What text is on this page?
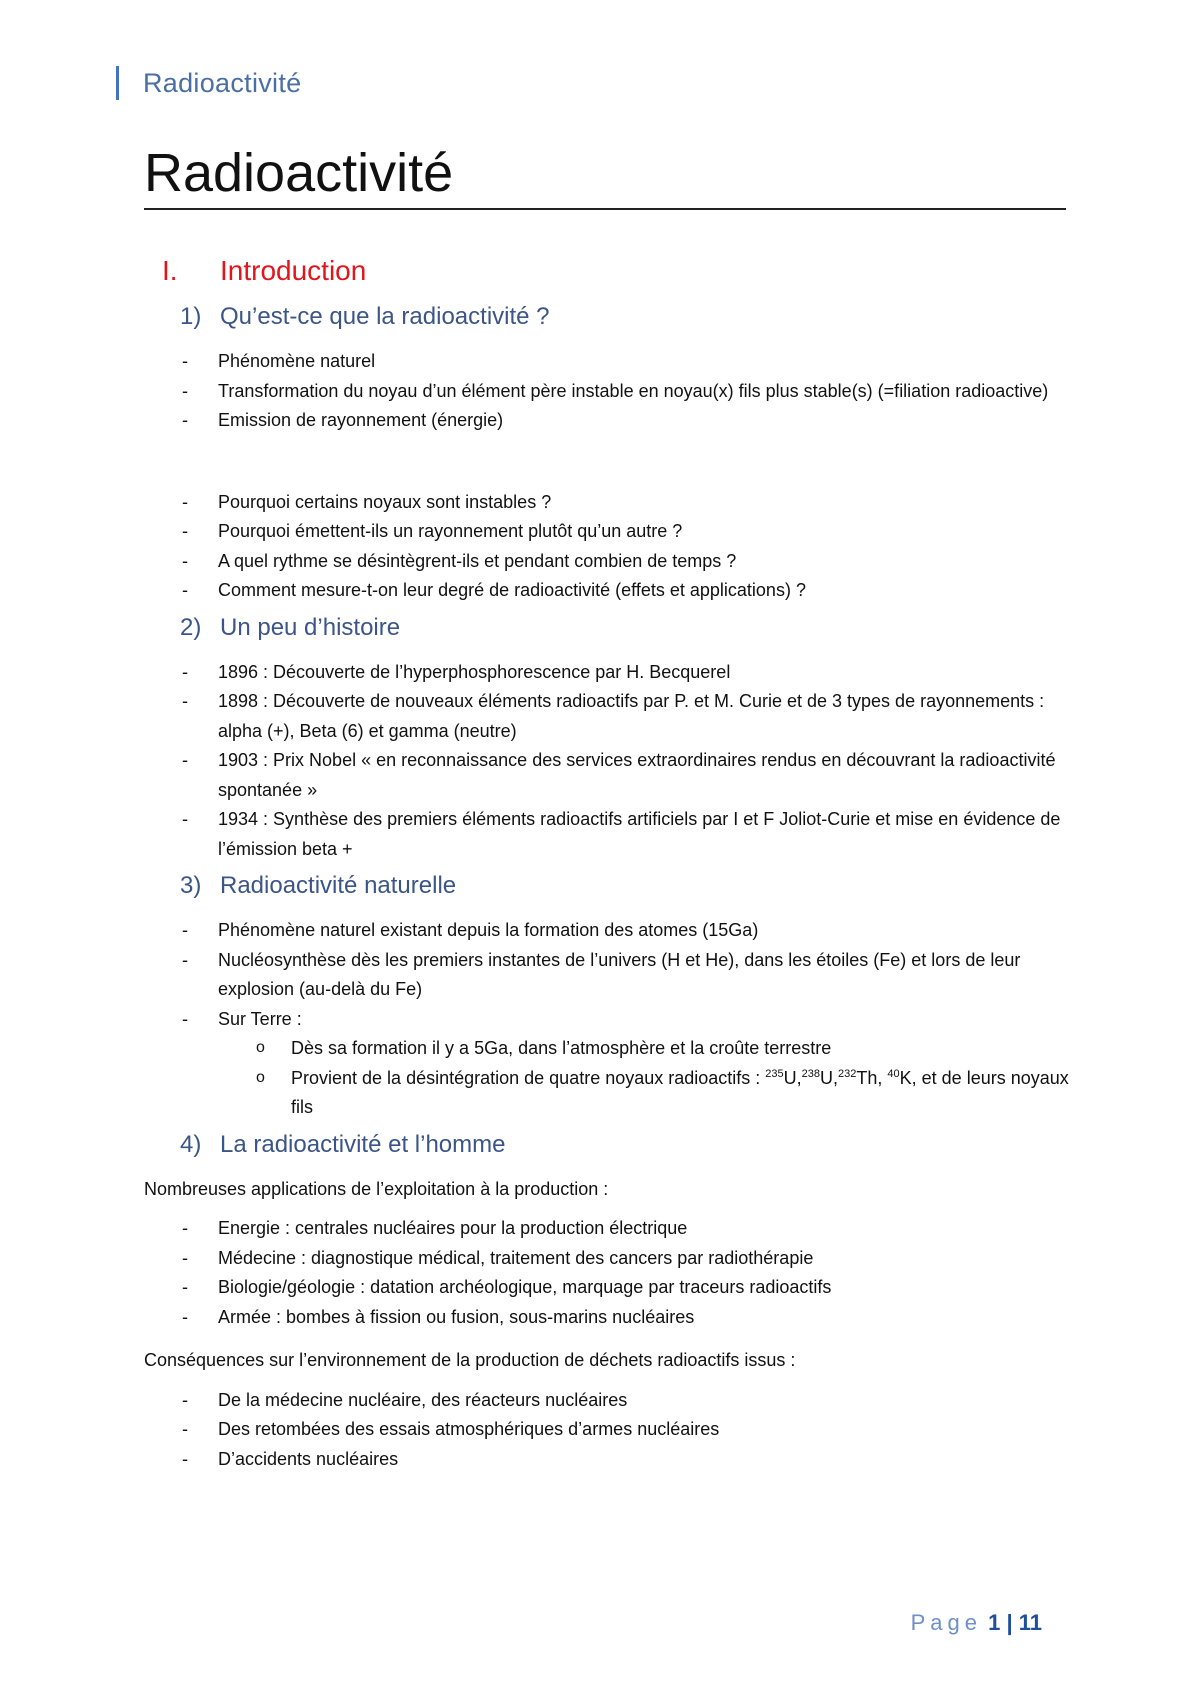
Radioactivité
Radioactivité
I.	Introduction
1) Qu’est-ce que la radioactivité ?
- Phénomène naturel
- Transformation du noyau d’un élément père instable en noyau(x) fils plus stable(s) (=filiation radioactive)
- Emission de rayonnement (énergie)
- Pourquoi certains noyaux sont instables ?
- Pourquoi émettent-ils un rayonnement plutôt qu’un autre ?
- A quel rythme se désintègrent-ils et pendant combien de temps ?
- Comment mesure-t-on leur degré de radioactivité (effets et applications) ?
2) Un peu d’histoire
- 1896 : Découverte de l’hyperphosphorescence par H. Becquerel
- 1898 : Découverte de nouveaux éléments radioactifs par P. et M. Curie et de 3 types de rayonnements : alpha (+), Beta (6) et gamma (neutre)
- 1903 : Prix Nobel « en reconnaissance des services extraordinaires rendus en découvrant la radioactivité spontanée »
- 1934 : Synthèse des premiers éléments radioactifs artificiels par I et F Joliot-Curie et mise en évidence de l’émission beta +
3) Radioactivité naturelle
- Phénomène naturel existant depuis la formation des atomes (15Ga)
- Nucléosynthèse dès les premiers instantes de l’univers (H et He), dans les étoiles (Fe) et lors de leur explosion (au-delà du Fe)
- Sur Terre :
o Dès sa formation il y a 5Ga, dans l’atmosphère et la croûte terrestre
o Provient de la désintégration de quatre noyaux radioactifs : $^{235}$U,$^{238}$U,$^{232}$Th, $^{40}$K, et de leurs noyaux fils
4) La radioactivité et l’homme
Nombreuses applications de l’exploitation à la production :
- Energie : centrales nucléaires pour la production électrique
- Médecine : diagnostique médical, traitement des cancers par radiothérapie
- Biologie/géologie : datation archéologique, marquage par traceurs radioactifs
- Armée : bombes à fission ou fusion, sous-marins nucléaires
Conséquences sur l’environnement de la production de déchets radioactifs issus :
- De la médecine nucléaire, des réacteurs nucléaires
- Des retombées des essais atmosphériques d’armes nucléaires
- D’accidents nucléaires
Page 1 | 11
